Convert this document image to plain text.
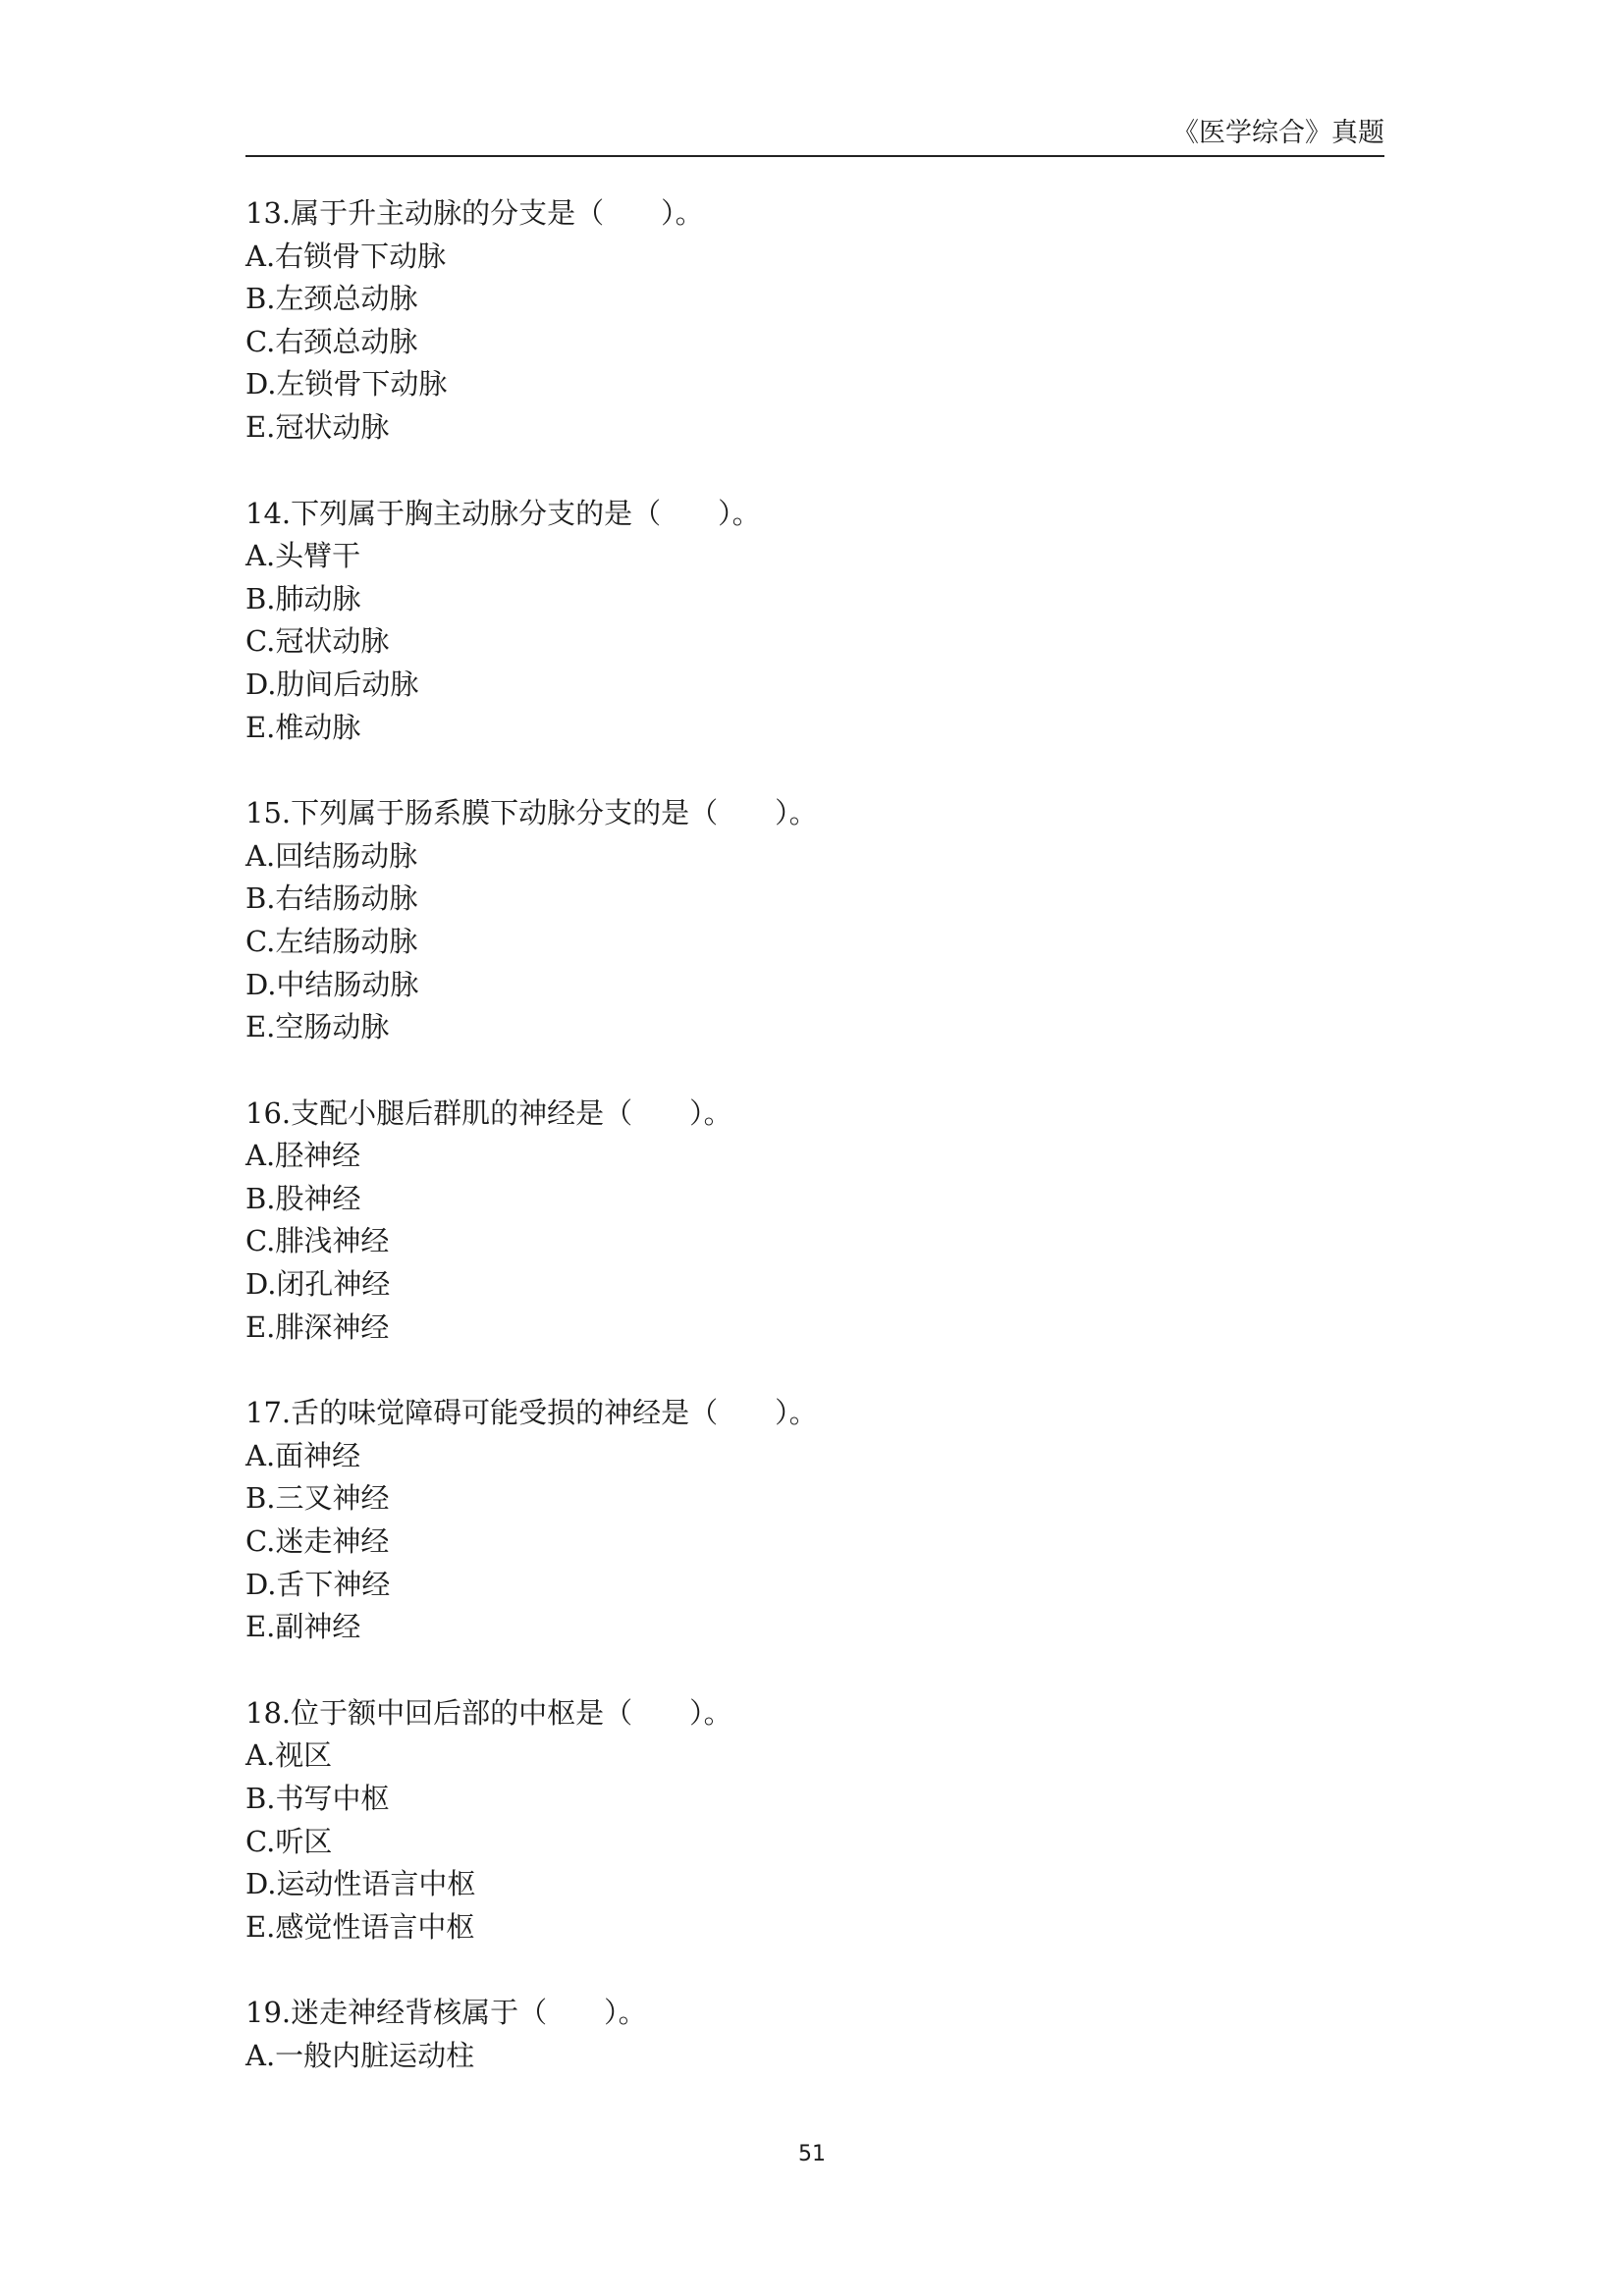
《医学综合》真题
13.属于升主动脉的分支是（　　）。
A.右锁骨下动脉
B.左颈总动脉
C.右颈总动脉
D.左锁骨下动脉
E.冠状动脉
14.下列属于胸主动脉分支的是（　　）。
A.头臂干
B.肺动脉
C.冠状动脉
D.肋间后动脉
E.椎动脉
15.下列属于肠系膜下动脉分支的是（　　）。
A.回结肠动脉
B.右结肠动脉
C.左结肠动脉
D.中结肠动脉
E.空肠动脉
16.支配小腿后群肌的神经是（　　）。
A.胫神经
B.股神经
C.腓浅神经
D.闭孔神经
E.腓深神经
17.舌的味觉障碍可能受损的神经是（　　）。
A.面神经
B.三叉神经
C.迷走神经
D.舌下神经
E.副神经
18.位于额中回后部的中枢是（　　）。
A.视区
B.书写中枢
C.听区
D.运动性语言中枢
E.感觉性语言中枢
19.迷走神经背核属于（　　）。
A.一般内脏运动柱
51
